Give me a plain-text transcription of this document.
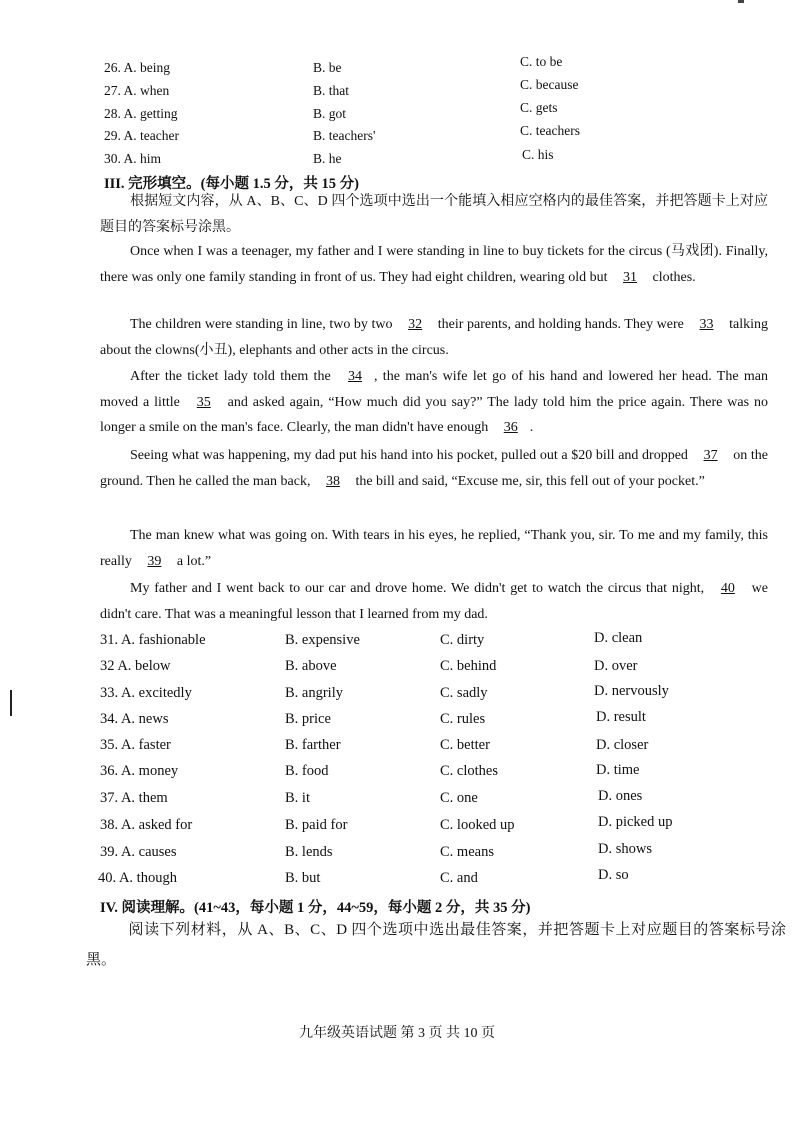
26. A. being	B. be	C. to be
27. A. when	B. that	C. because
28. A. getting	B. got	C. gets
29. A. teacher	B. teachers'	C. teachers
30. A. him	B. he	C. his
III. 完形填空。(每小题 1.5 分，共 15 分)
根据短文内容，从 A、B、C、D 四个选项中选出一个能填入相应空格内的最佳答案，并把答题卡上对应题目的答案标号涂黑。
Once when I was a teenager, my father and I were standing in line to buy tickets for the circus (马戏团). Finally, there was only one family standing in front of us. They had eight children, wearing old but 31 clothes.
The children were standing in line, two by two 32 their parents, and holding hands. They were 33 talking about the clowns(小丑), elephants and other acts in the circus.
After the ticket lady told them the 34 , the man's wife let go of his hand and lowered her head. The man moved a little 35 and asked again, “How much did you say?” The lady told him the price again. There was no longer a smile on the man's face. Clearly, the man didn't have enough 36 .
Seeing what was happening, my dad put his hand into his pocket, pulled out a $20 bill and dropped 37 on the ground. Then he called the man back, 38 the bill and said, “Excuse me, sir, this fell out of your pocket.”
The man knew what was going on. With tears in his eyes, he replied, “Thank you, sir. To me and my family, this really 39 a lot.”
My father and I went back to our car and drove home. We didn't get to watch the circus that night, 40 we didn't care. That was a meaningful lesson that I learned from my dad.
31. A. fashionable	B. expensive	C. dirty	D. clean
32 A. below	B. above	C. behind	D. over
33. A. excitedly	B. angrily	C. sadly	D. nervously
34. A. news	B. price	C. rules	D. result
35. A. faster	B. farther	C. better	D. closer
36. A. money	B. food	C. clothes	D. time
37. A. them	B. it	C. one	D. ones
38. A. asked for	B. paid for	C. looked up	D. picked up
39. A. causes	B. lends	C. means	D. shows
40. A. though	B. but	C. and	D. so
IV. 阅读理解。(41~43，每小题 1 分，44~59，每小题 2 分，共 35 分)
阅读下列材料，从 A、B、C、D 四个选项中选出最佳答案，并把答题卡上对应题目的答案标号涂黑。
九年级英语试题 第 3 页 共 10 页
